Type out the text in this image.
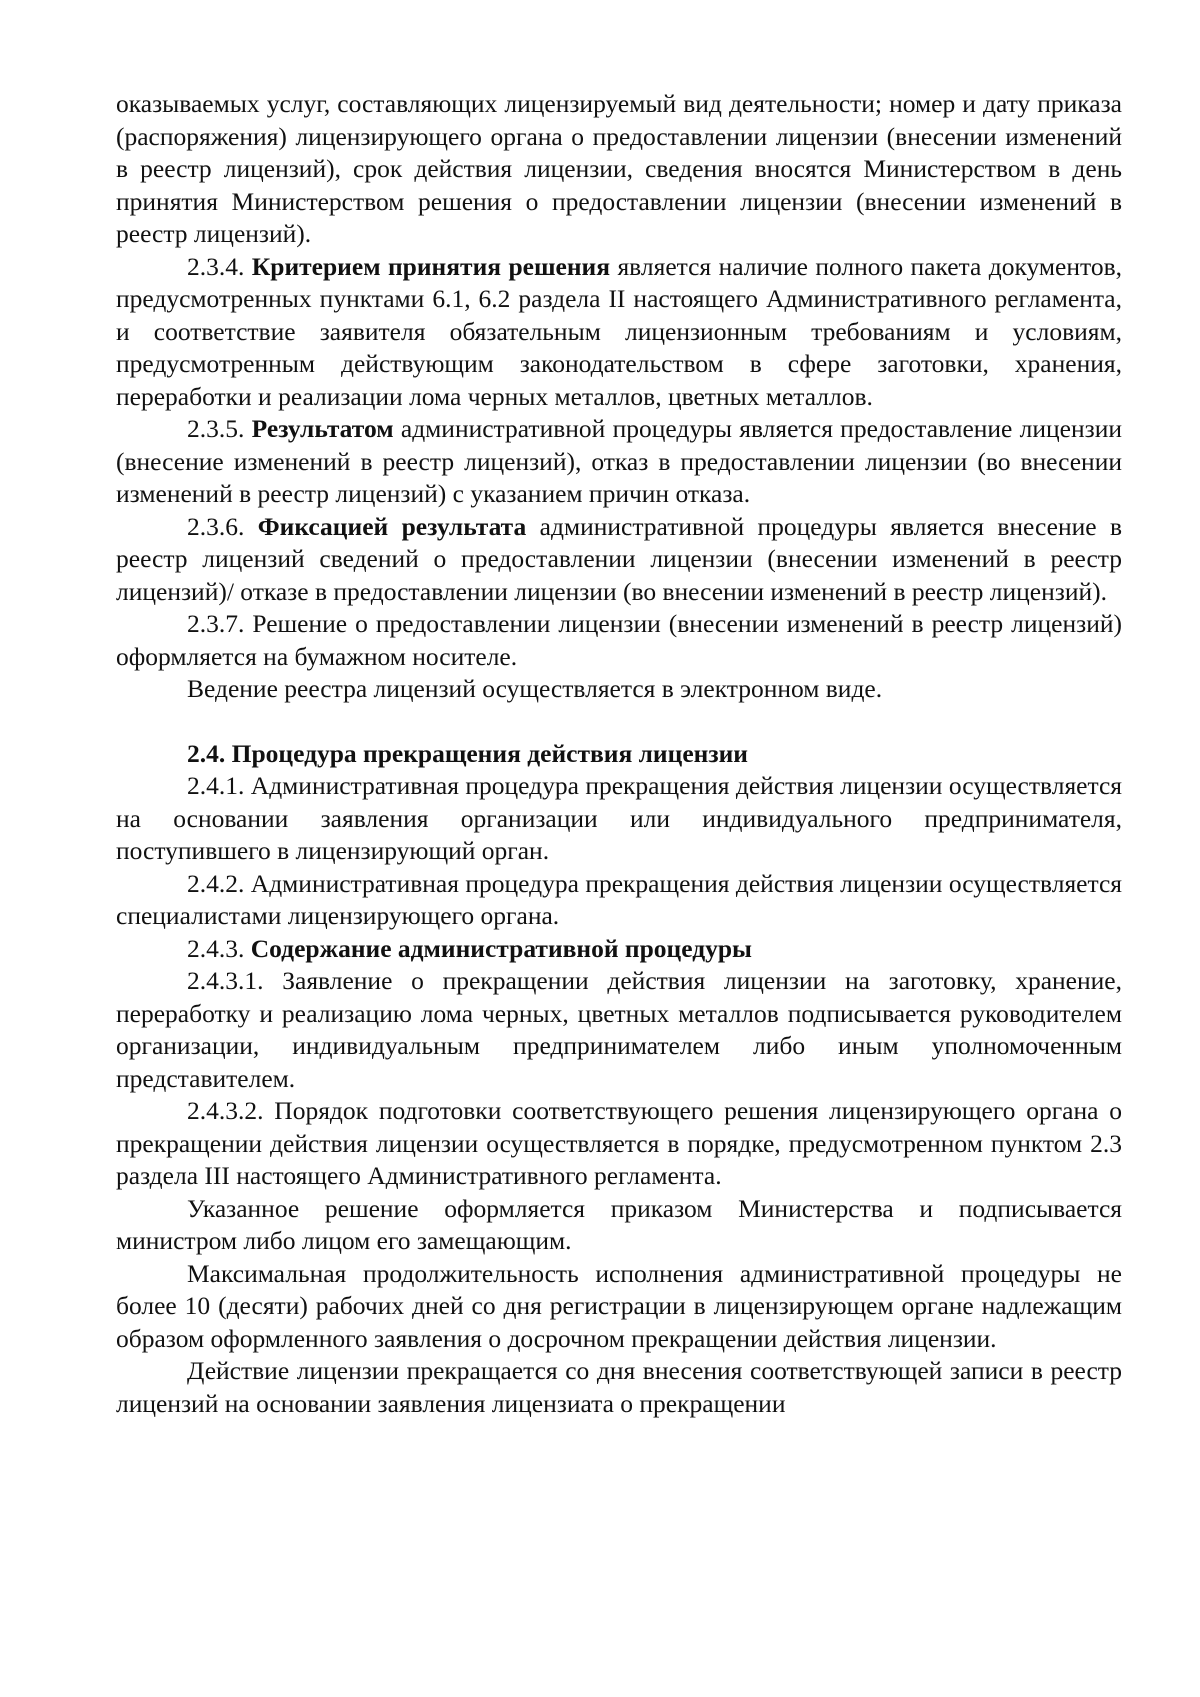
оказываемых услуг, составляющих лицензируемый вид деятельности; номер и дату приказа (распоряжения) лицензирующего органа о предоставлении лицензии (внесении изменений в реестр лицензий), срок действия лицензии, сведения вносятся Министерством в день принятия Министерством решения о предоставлении лицензии (внесении изменений в реестр лицензий).

2.3.4. Критерием принятия решения является наличие полного пакета документов, предусмотренных пунктами 6.1, 6.2 раздела II настоящего Административного регламента, и соответствие заявителя обязательным лицензионным требованиям и условиям, предусмотренным действующим законодательством в сфере заготовки, хранения, переработки и реализации лома черных металлов, цветных металлов.

2.3.5. Результатом административной процедуры является предоставление лицензии (внесение изменений в реестр лицензий), отказ в предоставлении лицензии (во внесении изменений в реестр лицензий) с указанием причин отказа.

2.3.6. Фиксацией результата административной процедуры является внесение в реестр лицензий сведений о предоставлении лицензии (внесении изменений в реестр лицензий)/ отказе в предоставлении лицензии (во внесении изменений в реестр лицензий).

2.3.7. Решение о предоставлении лицензии (внесении изменений в реестр лицензий) оформляется на бумажном носителе.

Ведение реестра лицензий осуществляется в электронном виде.

2.4. Процедура прекращения действия лицензии

2.4.1. Административная процедура прекращения действия лицензии осуществляется на основании заявления организации или индивидуального предпринимателя, поступившего в лицензирующий орган.

2.4.2. Административная процедура прекращения действия лицензии осуществляется специалистами лицензирующего органа.

2.4.3. Содержание административной процедуры

2.4.3.1. Заявление о прекращении действия лицензии на заготовку, хранение, переработку и реализацию лома черных, цветных металлов подписывается руководителем организации, индивидуальным предпринимателем либо иным уполномоченным представителем.

2.4.3.2. Порядок подготовки соответствующего решения лицензирующего органа о прекращении действия лицензии осуществляется в порядке, предусмотренном пунктом 2.3 раздела III настоящего Административного регламента.

Указанное решение оформляется приказом Министерства и подписывается министром либо лицом его замещающим.

Максимальная продолжительность исполнения административной процедуры не более 10 (десяти) рабочих дней со дня регистрации в лицензирующем органе надлежащим образом оформленного заявления о досрочном прекращении действия лицензии.

Действие лицензии прекращается со дня внесения соответствующей записи в реестр лицензий на основании заявления лицензиата о прекращении
